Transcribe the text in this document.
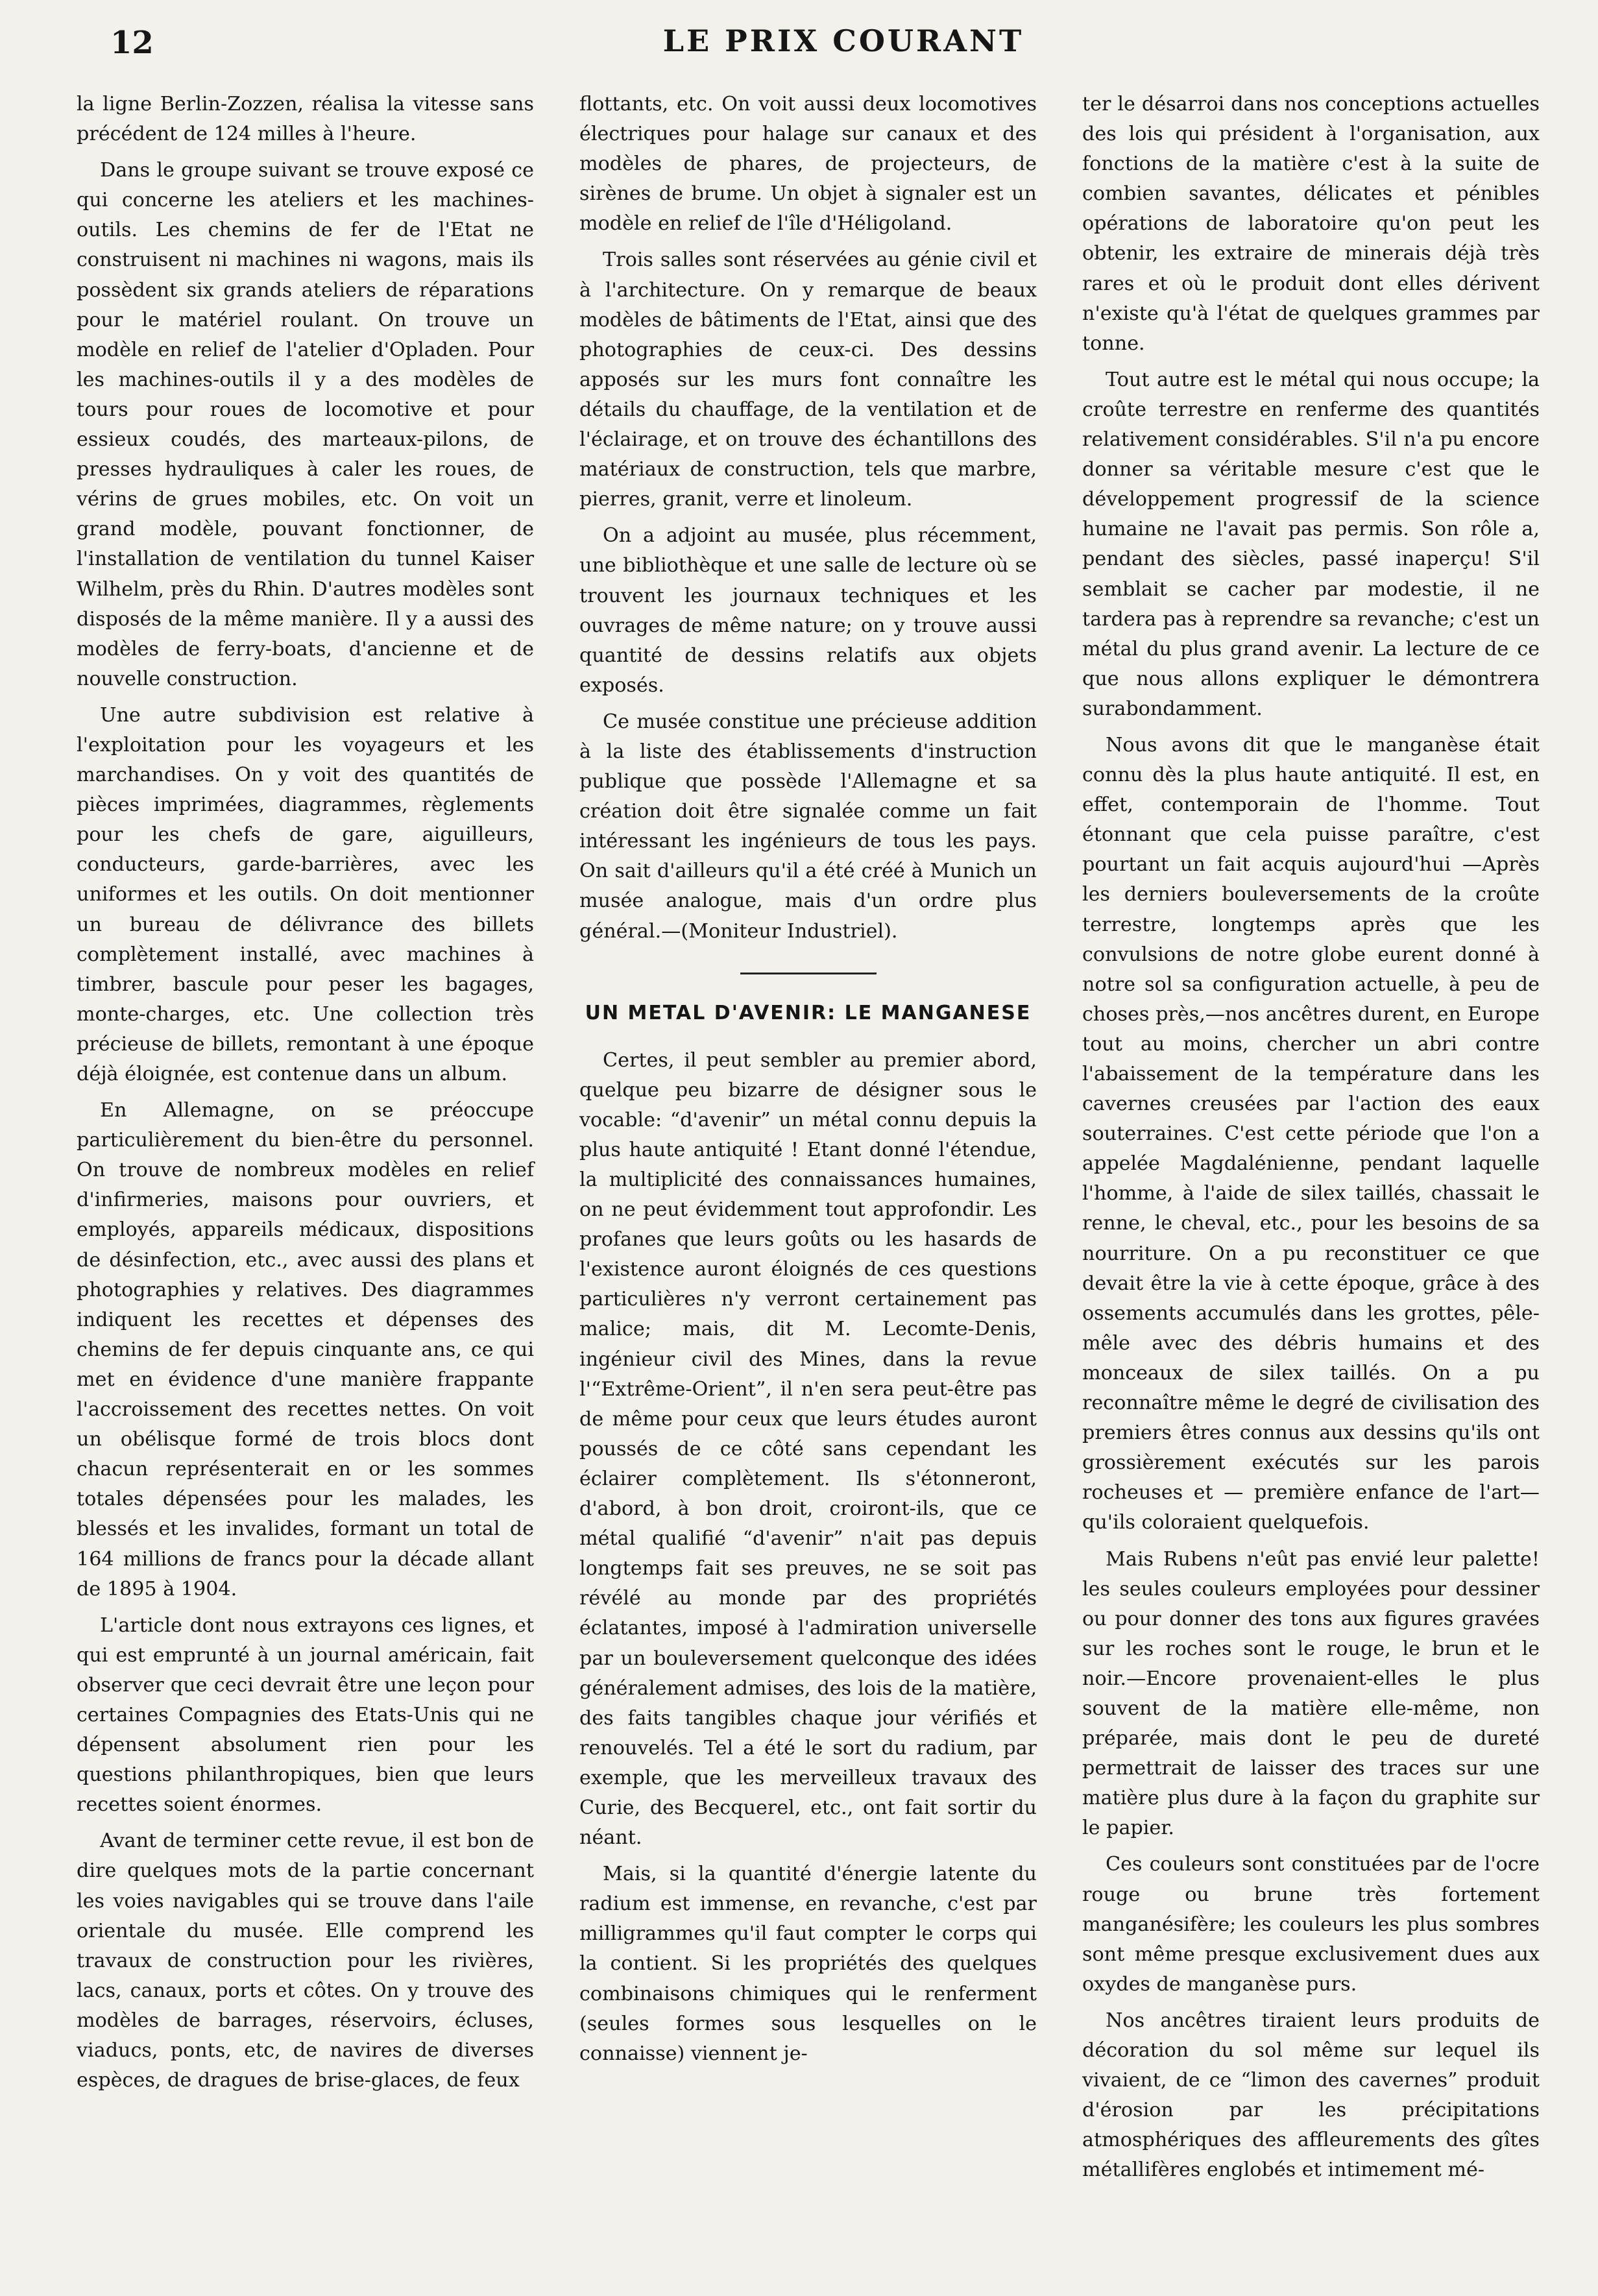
12	LE PRIX COURANT

la ligne Berlin-Zozzen, réalisa la vitesse sans précédent de 124 milles à l'heure.

Dans le groupe suivant se trouve exposé ce qui concerne les ateliers et les machines-outils. Les chemins de fer de l'Etat ne construisent ni machines ni wagons, mais ils possèdent six grands ateliers de réparations pour le matériel roulant. On trouve un modèle en relief de l'atelier d'Opladen. Pour les machines-outils il y a des modèles de tours pour roues de locomotive et pour essieux coudés, des marteaux-pilons, de presses hydrauliques à caler les roues, de vérins de grues mobiles, etc. On voit un grand modèle, pouvant fonctionner, de l'installation de ventilation du tunnel Kaiser Wilhelm, près du Rhin. D'autres modèles sont disposés de la même manière. Il y a aussi des modèles de ferry-boats, d'ancienne et de nouvelle construction.

Une autre subdivision est relative à l'exploitation pour les voyageurs et les marchandises. On y voit des quantités de pièces imprimées, diagrammes, règlements pour les chefs de gare, aiguilleurs, conducteurs, garde-barrières, avec les uniformes et les outils. On doit mentionner un bureau de délivrance des billets complètement installé, avec machines à timbrer, bascule pour peser les bagages, monte-charges, etc. Une collection très précieuse de billets, remontant à une époque déjà éloignée, est contenue dans un album.

En Allemagne, on se préoccupe particulièrement du bien-être du personnel. On trouve de nombreux modèles en relief d'infirmeries, maisons pour ouvriers, et employés, appareils médicaux, dispositions de désinfection, etc., avec aussi des plans et photographies y relatives. Des diagrammes indiquent les recettes et dépenses des chemins de fer depuis cinquante ans, ce qui met en évidence d'une manière frappante l'accroissement des recettes nettes. On voit un obélisque formé de trois blocs dont chacun représenterait en or les sommes totales dépensées pour les malades, les blessés et les invalides, formant un total de 164 millions de francs pour la décade allant de 1895 à 1904.

L'article dont nous extrayons ces lignes, et qui est emprunté à un journal américain, fait observer que ceci devrait être une leçon pour certaines Compagnies des Etats-Unis qui ne dépensent absolument rien pour les questions philanthropiques, bien que leurs recettes soient énormes.

Avant de terminer cette revue, il est bon de dire quelques mots de la partie concernant les voies navigables qui se trouve dans l'aile orientale du musée. Elle comprend les travaux de construction pour les rivières, lacs, canaux, ports et côtes. On y trouve des modèles de barrages, réservoirs, écluses, viaducs, ponts, etc, de navires de diverses espèces, de dragues de brise-glaces, de feux

flottants, etc. On voit aussi deux locomotives électriques pour halage sur canaux et des modèles de phares, de projecteurs, de sirènes de brume. Un objet à signaler est un modèle en relief de l'île d'Héligoland.

Trois salles sont réservées au génie civil et à l'architecture. On y remarque de beaux modèles de bâtiments de l'Etat, ainsi que des photographies de ceux-ci. Des dessins apposés sur les murs font connaître les détails du chauffage, de la ventilation et de l'éclairage, et on trouve des échantillons des matériaux de construction, tels que marbre, pierres, granit, verre et linoleum.

On a adjoint au musée, plus récemment, une bibliothèque et une salle de lecture où se trouvent les journaux techniques et les ouvrages de même nature; on y trouve aussi quantité de dessins relatifs aux objets exposés.

Ce musée constitue une précieuse addition à la liste des établissements d'instruction publique que possède l'Allemagne et sa création doit être signalée comme un fait intéressant les ingénieurs de tous les pays. On sait d'ailleurs qu'il a été créé à Munich un musée analogue, mais d'un ordre plus général.—(Moniteur Industriel).

UN METAL D'AVENIR: LE MANGANESE

Certes, il peut sembler au premier abord, quelque peu bizarre de désigner sous le vocable: “d'avenir” un métal connu depuis la plus haute antiquité ! Etant donné l'étendue, la multiplicité des connaissances humaines, on ne peut évidemment tout approfondir. Les profanes que leurs goûts ou les hasards de l'existence auront éloignés de ces questions particulières n'y verront certainement pas malice; mais, dit M. Lecomte-Denis, ingénieur civil des Mines, dans la revue l'“Extrême-Orient”, il n'en sera peut-être pas de même pour ceux que leurs études auront poussés de ce côté sans cependant les éclairer complètement. Ils s'étonneront, d'abord, à bon droit, croiront-ils, que ce métal qualifié “d'avenir” n'ait pas depuis longtemps fait ses preuves, ne se soit pas révélé au monde par des propriétés éclatantes, imposé à l'admiration universelle par un bouleversement quelconque des idées généralement admises, des lois de la matière, des faits tangibles chaque jour vérifiés et renouvelés. Tel a été le sort du radium, par exemple, que les merveilleux travaux des Curie, des Becquerel, etc., ont fait sortir du néant.

Mais, si la quantité d'énergie latente du radium est immense, en revanche, c'est par milligrammes qu'il faut compter le corps qui la contient. Si les propriétés des quelques combinaisons chimiques qui le renferment (seules formes sous lesquelles on le connaisse) viennent je-

ter le désarroi dans nos conceptions actuelles des lois qui président à l'organisation, aux fonctions de la matière c'est à la suite de combien savantes, délicates et pénibles opérations de laboratoire qu'on peut les obtenir, les extraire de minerais déjà très rares et où le produit dont elles dérivent n'existe qu'à l'état de quelques grammes par tonne.

Tout autre est le métal qui nous occupe; la croûte terrestre en renferme des quantités relativement considérables. S'il n'a pu encore donner sa véritable mesure c'est que le développement progressif de la science humaine ne l'avait pas permis. Son rôle a, pendant des siècles, passé inaperçu! S'il semblait se cacher par modestie, il ne tardera pas à reprendre sa revanche; c'est un métal du plus grand avenir. La lecture de ce que nous allons expliquer le démontrera surabondamment.

Nous avons dit que le manganèse était connu dès la plus haute antiquité. Il est, en effet, contemporain de l'homme. Tout étonnant que cela puisse paraître, c'est pourtant un fait acquis aujourd'hui —Après les derniers bouleversements de la croûte terrestre, longtemps après que les convulsions de notre globe eurent donné à notre sol sa configuration actuelle, à peu de choses près,—nos ancêtres durent, en Europe tout au moins, chercher un abri contre l'abaissement de la température dans les cavernes creusées par l'action des eaux souterraines. C'est cette période que l'on a appelée Magdalénienne, pendant laquelle l'homme, à l'aide de silex taillés, chassait le renne, le cheval, etc., pour les besoins de sa nourriture. On a pu reconstituer ce que devait être la vie à cette époque, grâce à des ossements accumulés dans les grottes, pêle-mêle avec des débris humains et des monceaux de silex taillés. On a pu reconnaître même le degré de civilisation des premiers êtres connus aux dessins qu'ils ont grossièrement exécutés sur les parois rocheuses et — première enfance de l'art—qu'ils coloraient quelquefois.

Mais Rubens n'eût pas envié leur palette! les seules couleurs employées pour dessiner ou pour donner des tons aux figures gravées sur les roches sont le rouge, le brun et le noir.—Encore provenaient-elles le plus souvent de la matière elle-même, non préparée, mais dont le peu de dureté permettrait de laisser des traces sur une matière plus dure à la façon du graphite sur le papier.

Ces couleurs sont constituées par de l'ocre rouge ou brune très fortement manganésifère; les couleurs les plus sombres sont même presque exclusivement dues aux oxydes de manganèse purs.

Nos ancêtres tiraient leurs produits de décoration du sol même sur lequel ils vivaient, de ce “limon des cavernes” produit d'érosion par les précipitations atmosphériques des affleurements des gîtes métallifères englobés et intimement mé-
